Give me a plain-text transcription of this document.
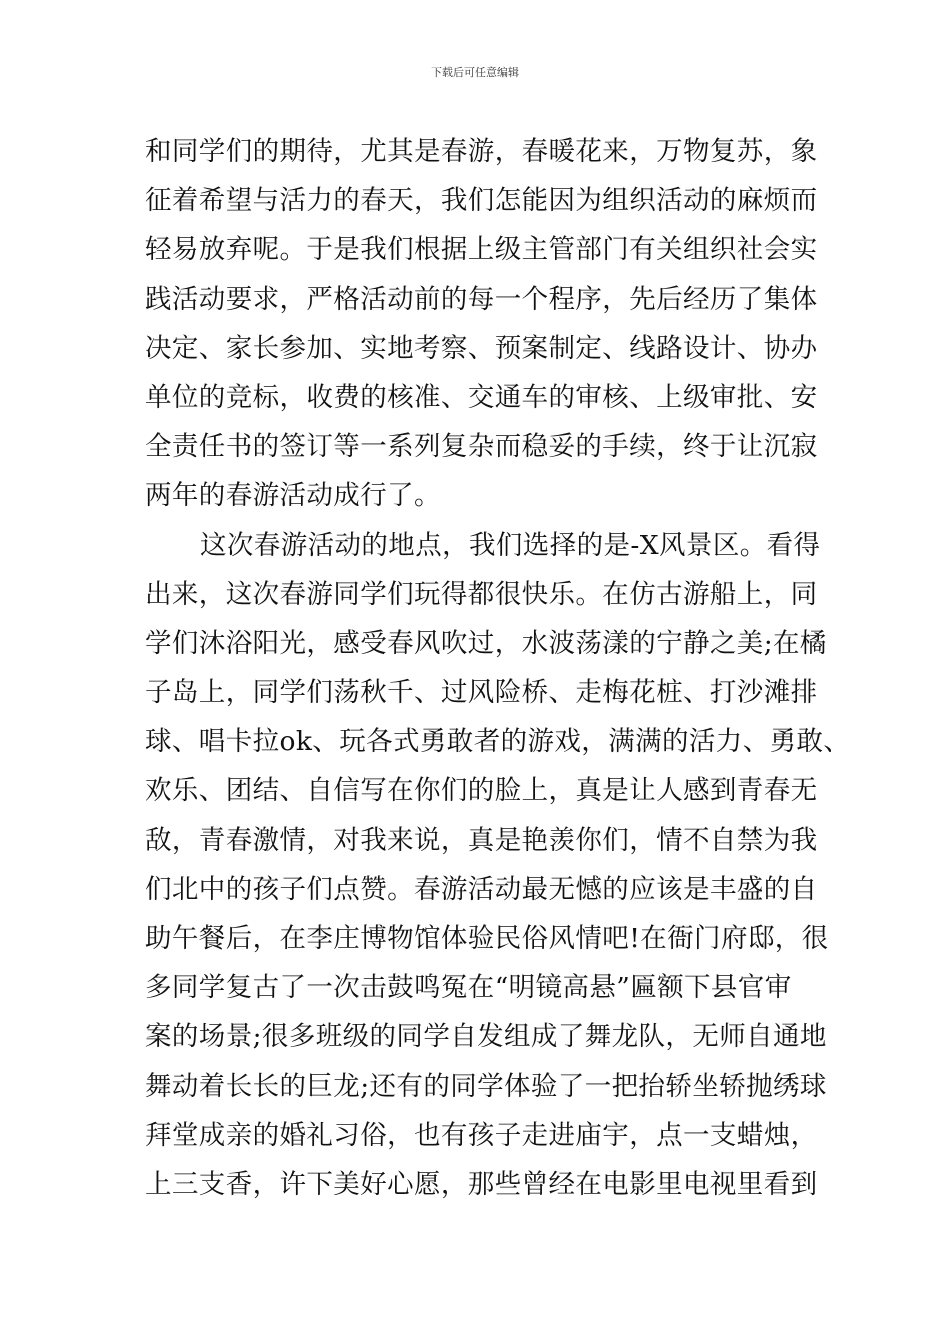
下载后可任意编辑
和同学们的期待，尤其是春游，春暖花来，万物复苏，象
征着希望与活力的春天，我们怎能因为组织活动的麻烦而
轻易放弃呢。于是我们根据上级主管部门有关组织社会实
践活动要求，严格活动前的每一个程序，先后经历了集体
决定、家长参加、实地考察、预案制定、线路设计、协办
单位的竞标，收费的核准、交通车的审核、上级审批、安
全责任书的签订等一系列复杂而稳妥的手续，终于让沉寂
两年的春游活动成行了。
这次春游活动的地点，我们选择的是-X风景区。看得
出来，这次春游同学们玩得都很快乐。在仿古游船上，同
学们沐浴阳光，感受春风吹过，水波荡漾的宁静之美;在橘
子岛上，同学们荡秋千、过风险桥、走梅花桩、打沙滩排
球、唱卡拉ok、玩各式勇敢者的游戏，满满的活力、勇敢、
欢乐、团结、自信写在你们的脸上，真是让人感到青春无
敌，青春激情，对我来说，真是艳羡你们，情不自禁为我
们北中的孩子们点赞。春游活动最无憾的应该是丰盛的自
助午餐后，在李庄博物馆体验民俗风情吧!在衙门府邸，很
多同学复古了一次击鼓鸣冤在“明镜高悬”匾额下县官审
案的场景;很多班级的同学自发组成了舞龙队，无师自通地
舞动着长长的巨龙;还有的同学体验了一把抬轿坐轿抛绣球
拜堂成亲的婚礼习俗，也有孩子走进庙宇，点一支蜡烛，
上三支香，许下美好心愿，那些曾经在电影里电视里看到
